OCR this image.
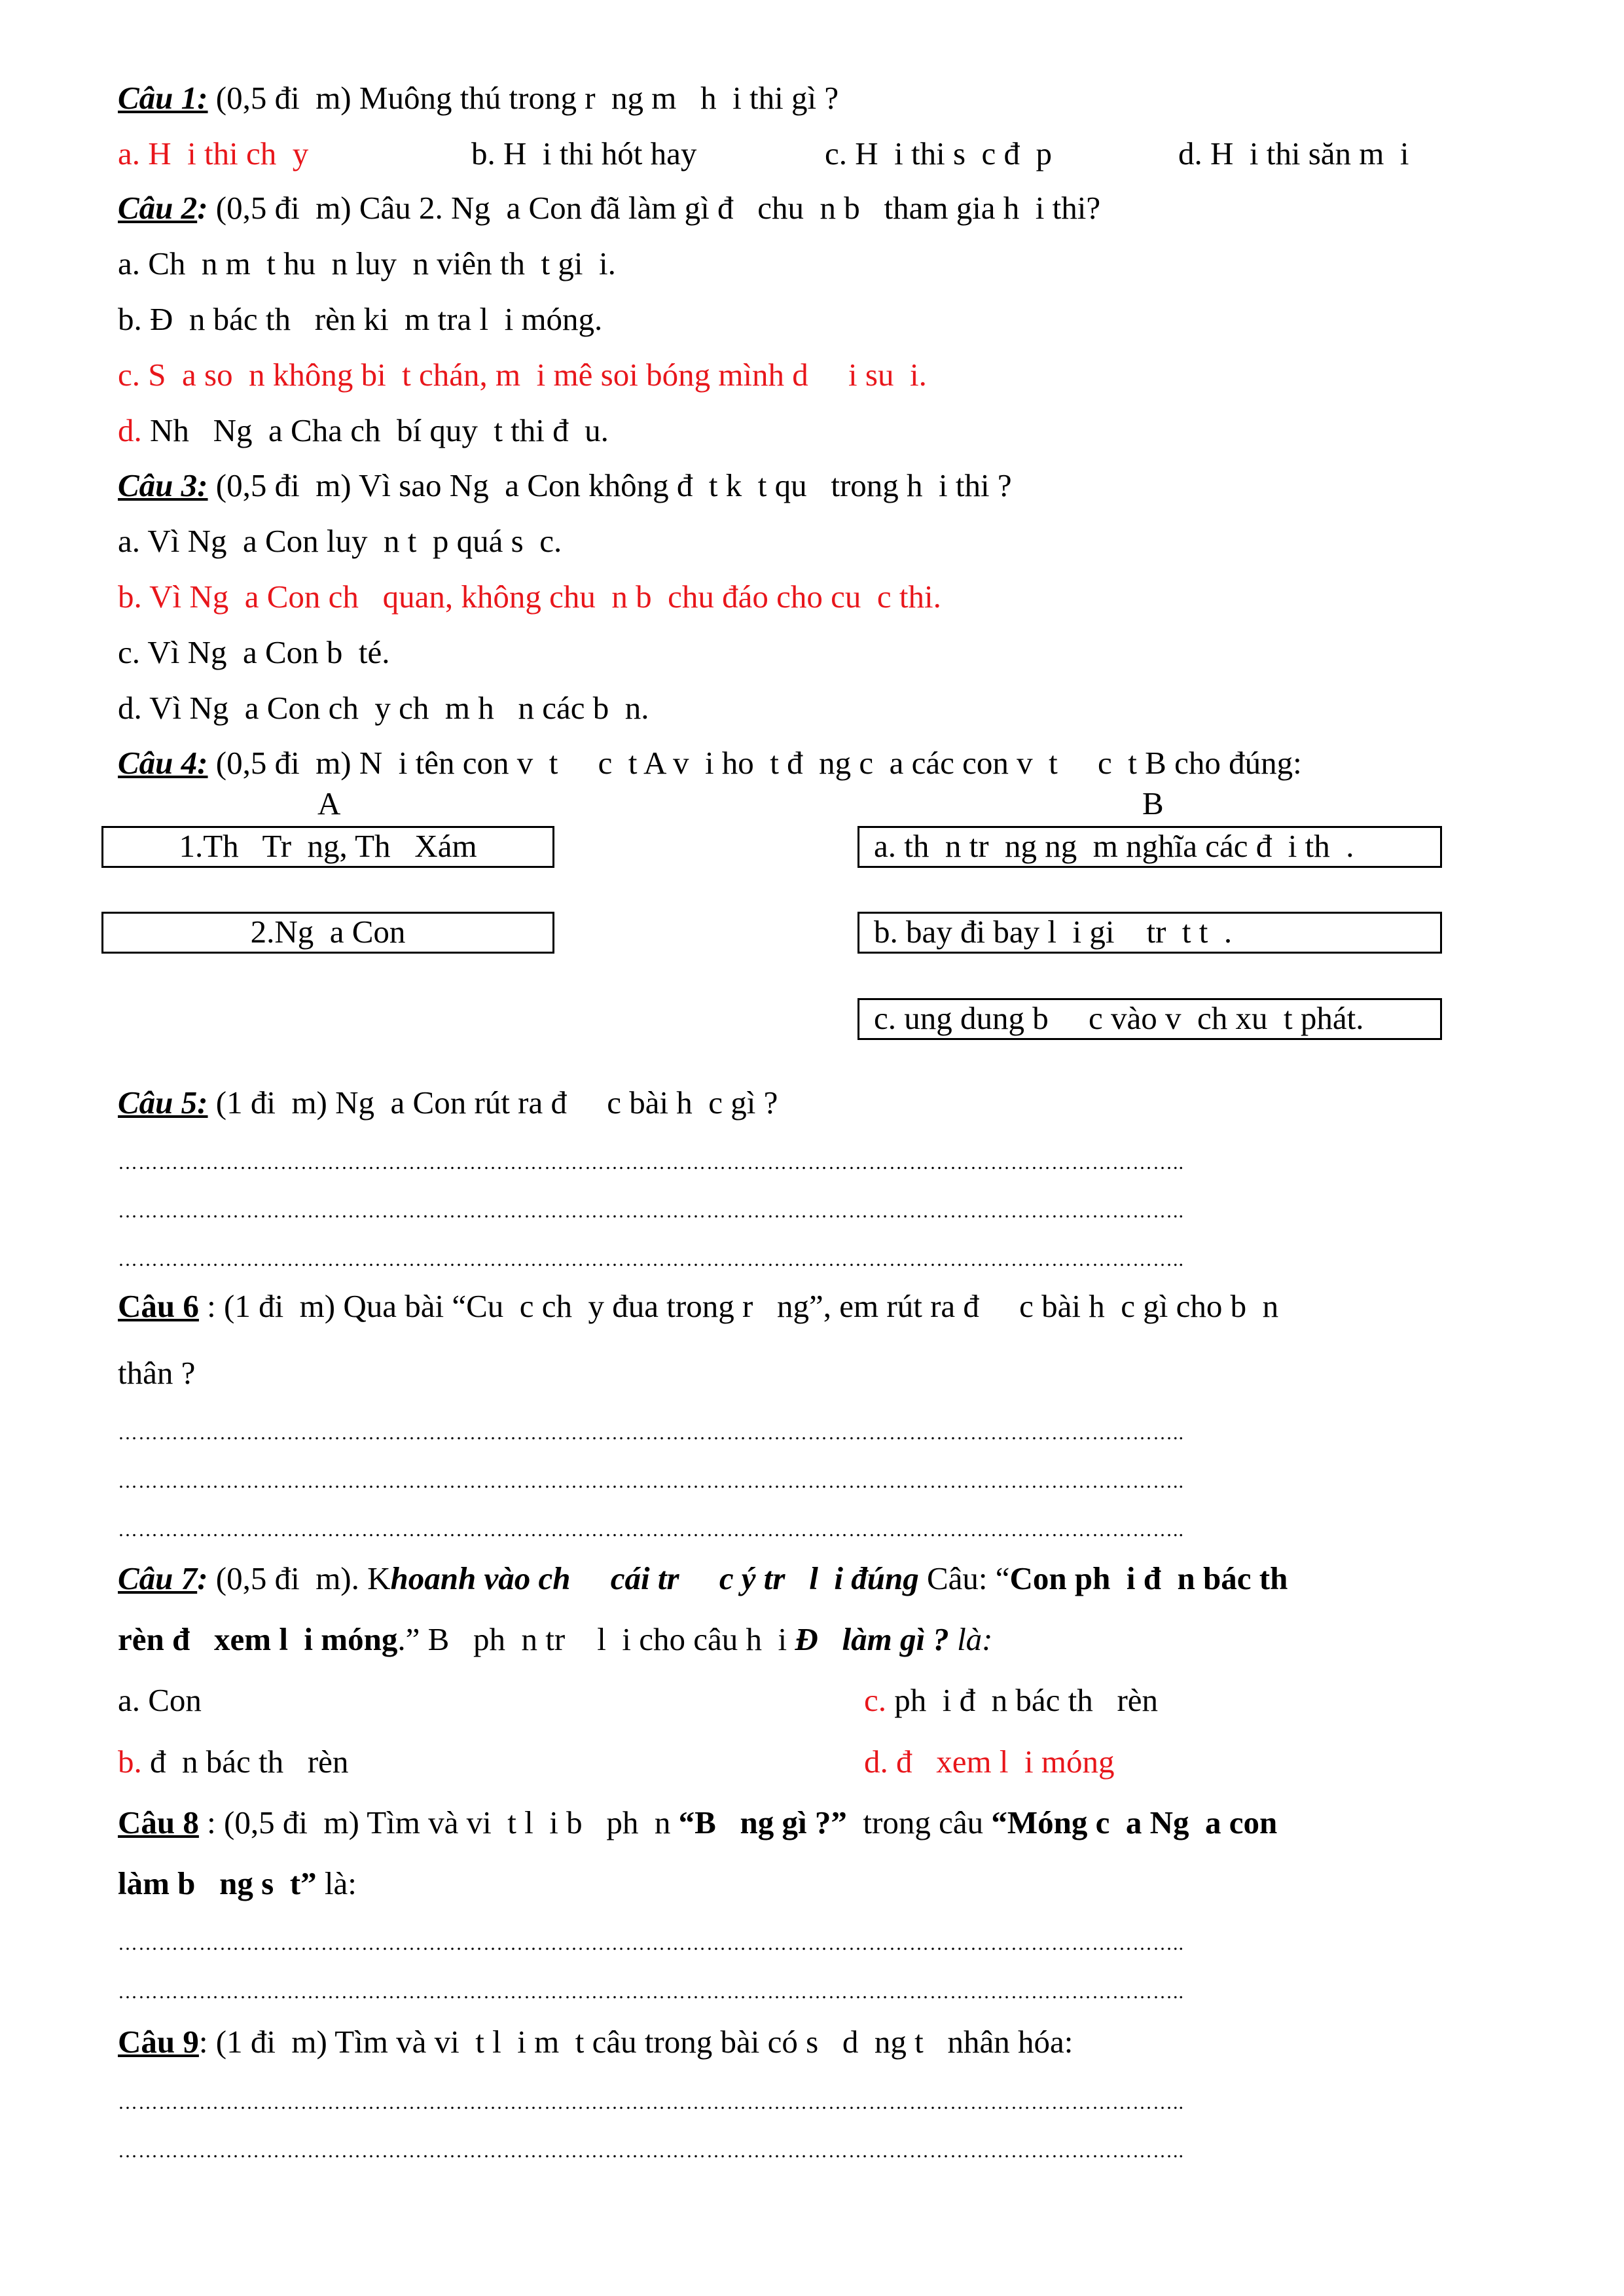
Câu 1: (0,5 đi  m) Muông thú trong r  ng m   h  i thi gì ?
a. H  i thi ch  y	b. H  i thi hót hay	c. H  i thi s  c đ  p	d. H  i thi săn m  i
Câu 2: (0,5 đi  m) Câu 2. Ng  a Con đã làm gì đ   chu  n b   tham gia h  i thi?
a. Ch  n m  t hu  n luy  n viên th  t gi  i.
b. Đ  n bác th   rèn ki  m tra l  i móng.
c. S  a so  n không bi  t chán, m  i mê soi bóng mình d     i su  i.
d. Nh   Ng  a Cha ch  bí quy  t thi đ  u.
Câu 3: (0,5 đi  m) Vì sao Ng  a Con không đ  t k  t qu   trong h  i thi ?
a. Vì Ng  a Con luy  n t  p quá s  c.
b. Vì Ng  a Con ch   quan, không chu  n b  chu đáo cho cu  c thi.
c. Vì Ng  a Con b  té.
d. Vì Ng  a Con ch  y ch  m h   n các b  n.
Câu 4: (0,5 đi  m) N  i tên con v  t     c  t A v  i ho  t đ  ng c  a các con v  t     c  t B cho đúng:
A	B
1.Th   Tr  ng, Th   Xám
2.Ng  a Con
a. th  n tr  ng ng  m nghĩa các đ  i th  .
b. bay đi bay l  i gi    tr  t t  .
c. ung dung b     c vào v  ch xu  t phát.
Câu 5: (1 đi  m) Ng  a Con rút ra đ     c bài h  c gì ?
…………………………………………………………………………………………………………………………………………..
…………………………………………………………………………………………………………………………………………..
…………………………………………………………………………………………………………………………………………..
Câu 6 : (1 đi  m) Qua bài “Cu  c ch  y đua trong r   ng”, em rút ra đ     c bài h  c gì cho b  n
thân ?
…………………………………………………………………………………………………………………………………………..
…………………………………………………………………………………………………………………………………………..
…………………………………………………………………………………………………………………………………………..
Câu 7: (0,5 đi  m). Khoanh vào ch     cái tr     c ý tr   l  i đúng Câu: “Con ph  i đ  n bác th
rèn đ   xem l  i móng.” B   ph  n tr    l  i cho câu h  i Đ   làm gì ? là:
a. Con	c. ph  i đ  n bác th   rèn
b. đ  n bác th   rèn	d. đ   xem l  i móng
Câu 8 : (0,5 đi  m) Tìm và vi  t l  i b   ph  n “B   ng gì ?”  trong câu “Móng c  a Ng  a con
làm b   ng s  t” là:
…………………………………………………………………………………………………………………………………………..
…………………………………………………………………………………………………………………………………………..
Câu 9: (1 đi  m) Tìm và vi  t l  i m  t câu trong bài có s   d  ng t   nhân hóa:
…………………………………………………………………………………………………………………………………………..
…………………………………………………………………………………………………………………………………………..
